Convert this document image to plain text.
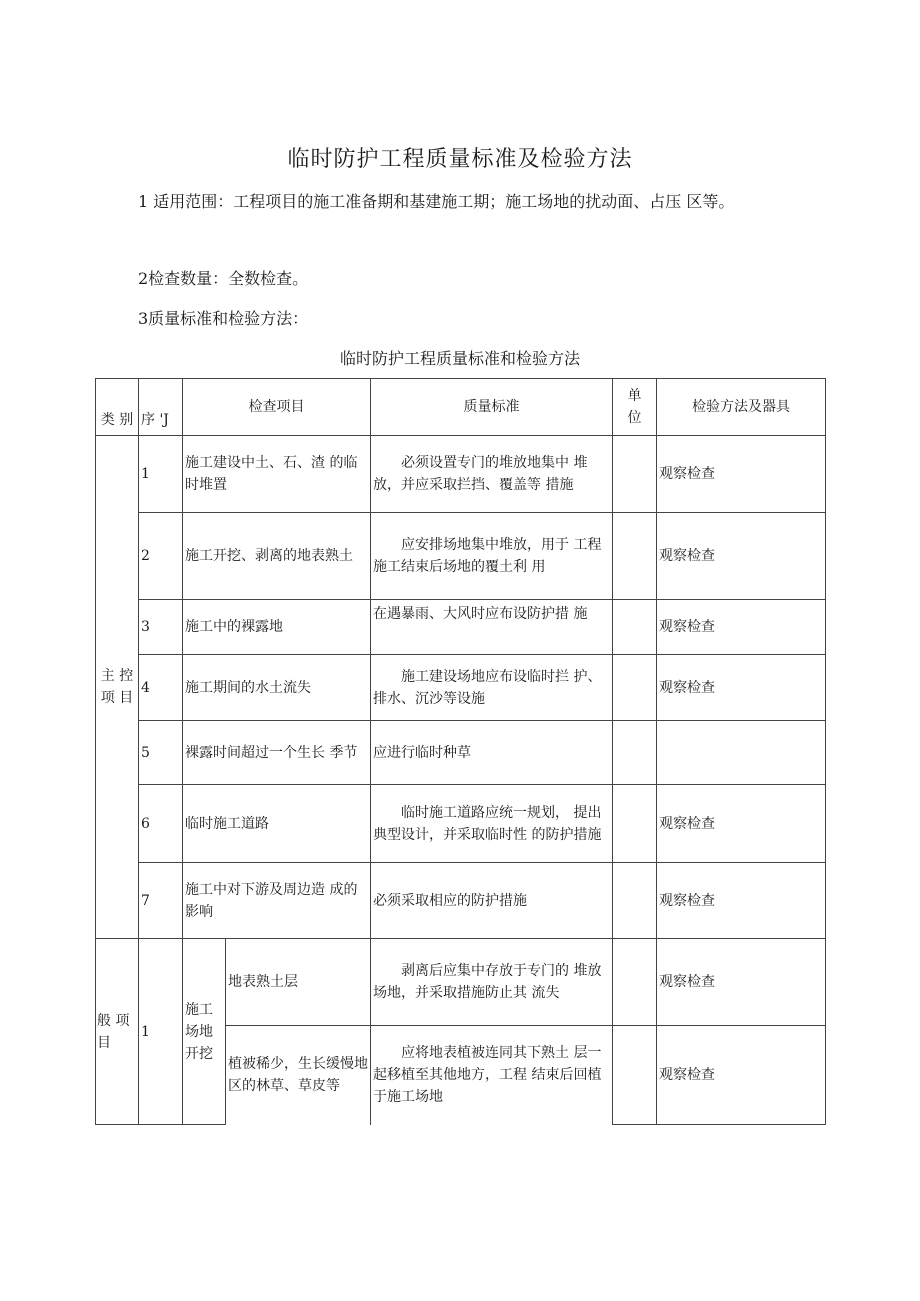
临时防护工程质量标准及检验方法
1 适用范围：工程项目的施工准备期和基建施工期；施工场地的扰动面、占压 区等。
2检查数量：全数检查。
3质量标准和检验方法：
临时防护工程质量标准和检验方法
类 别	序 'J	检查项目		质量标准	单位	检验方法及器具
主 控项 目	1	施工建设中土、石、渣 的临时堆置		必须设置专门的堆放地集中 堆放，并应采取拦挡、覆盖等 措施		观察检查
	2	施工开挖、剥离的地表熟土		应安排场地集中堆放，用于 工程施工结束后场地的覆土利 用		观察检查
	3	施工中的裸露地		在遇暴雨、大风时应布设防护措 施		观察检查
	4	施工期间的水土流失		施工建设场地应布设临时拦 护、排水、沉沙等设施		观察检查
	5	裸露时间超过一个生长 季节		应进行临时种草		
	6	临时施工道路		临时施工道路应统一规划， 提出典型设计，并采取临时性 的防护措施		观察检查
	7	施工中对下游及周边造 成的影响		必须采取相应的防护措施		观察检查
般 项目	1	施工场地开挖	地表熟土层	剥离后应集中存放于专门的 堆放场地，并采取措施防止其 流失		观察检查
			植被稀少，生长缓慢地区的林草、草皮等	应将地表植被连同其下熟土 层一起移植至其他地方，工程 结束后回植于施工场地		观察检查
